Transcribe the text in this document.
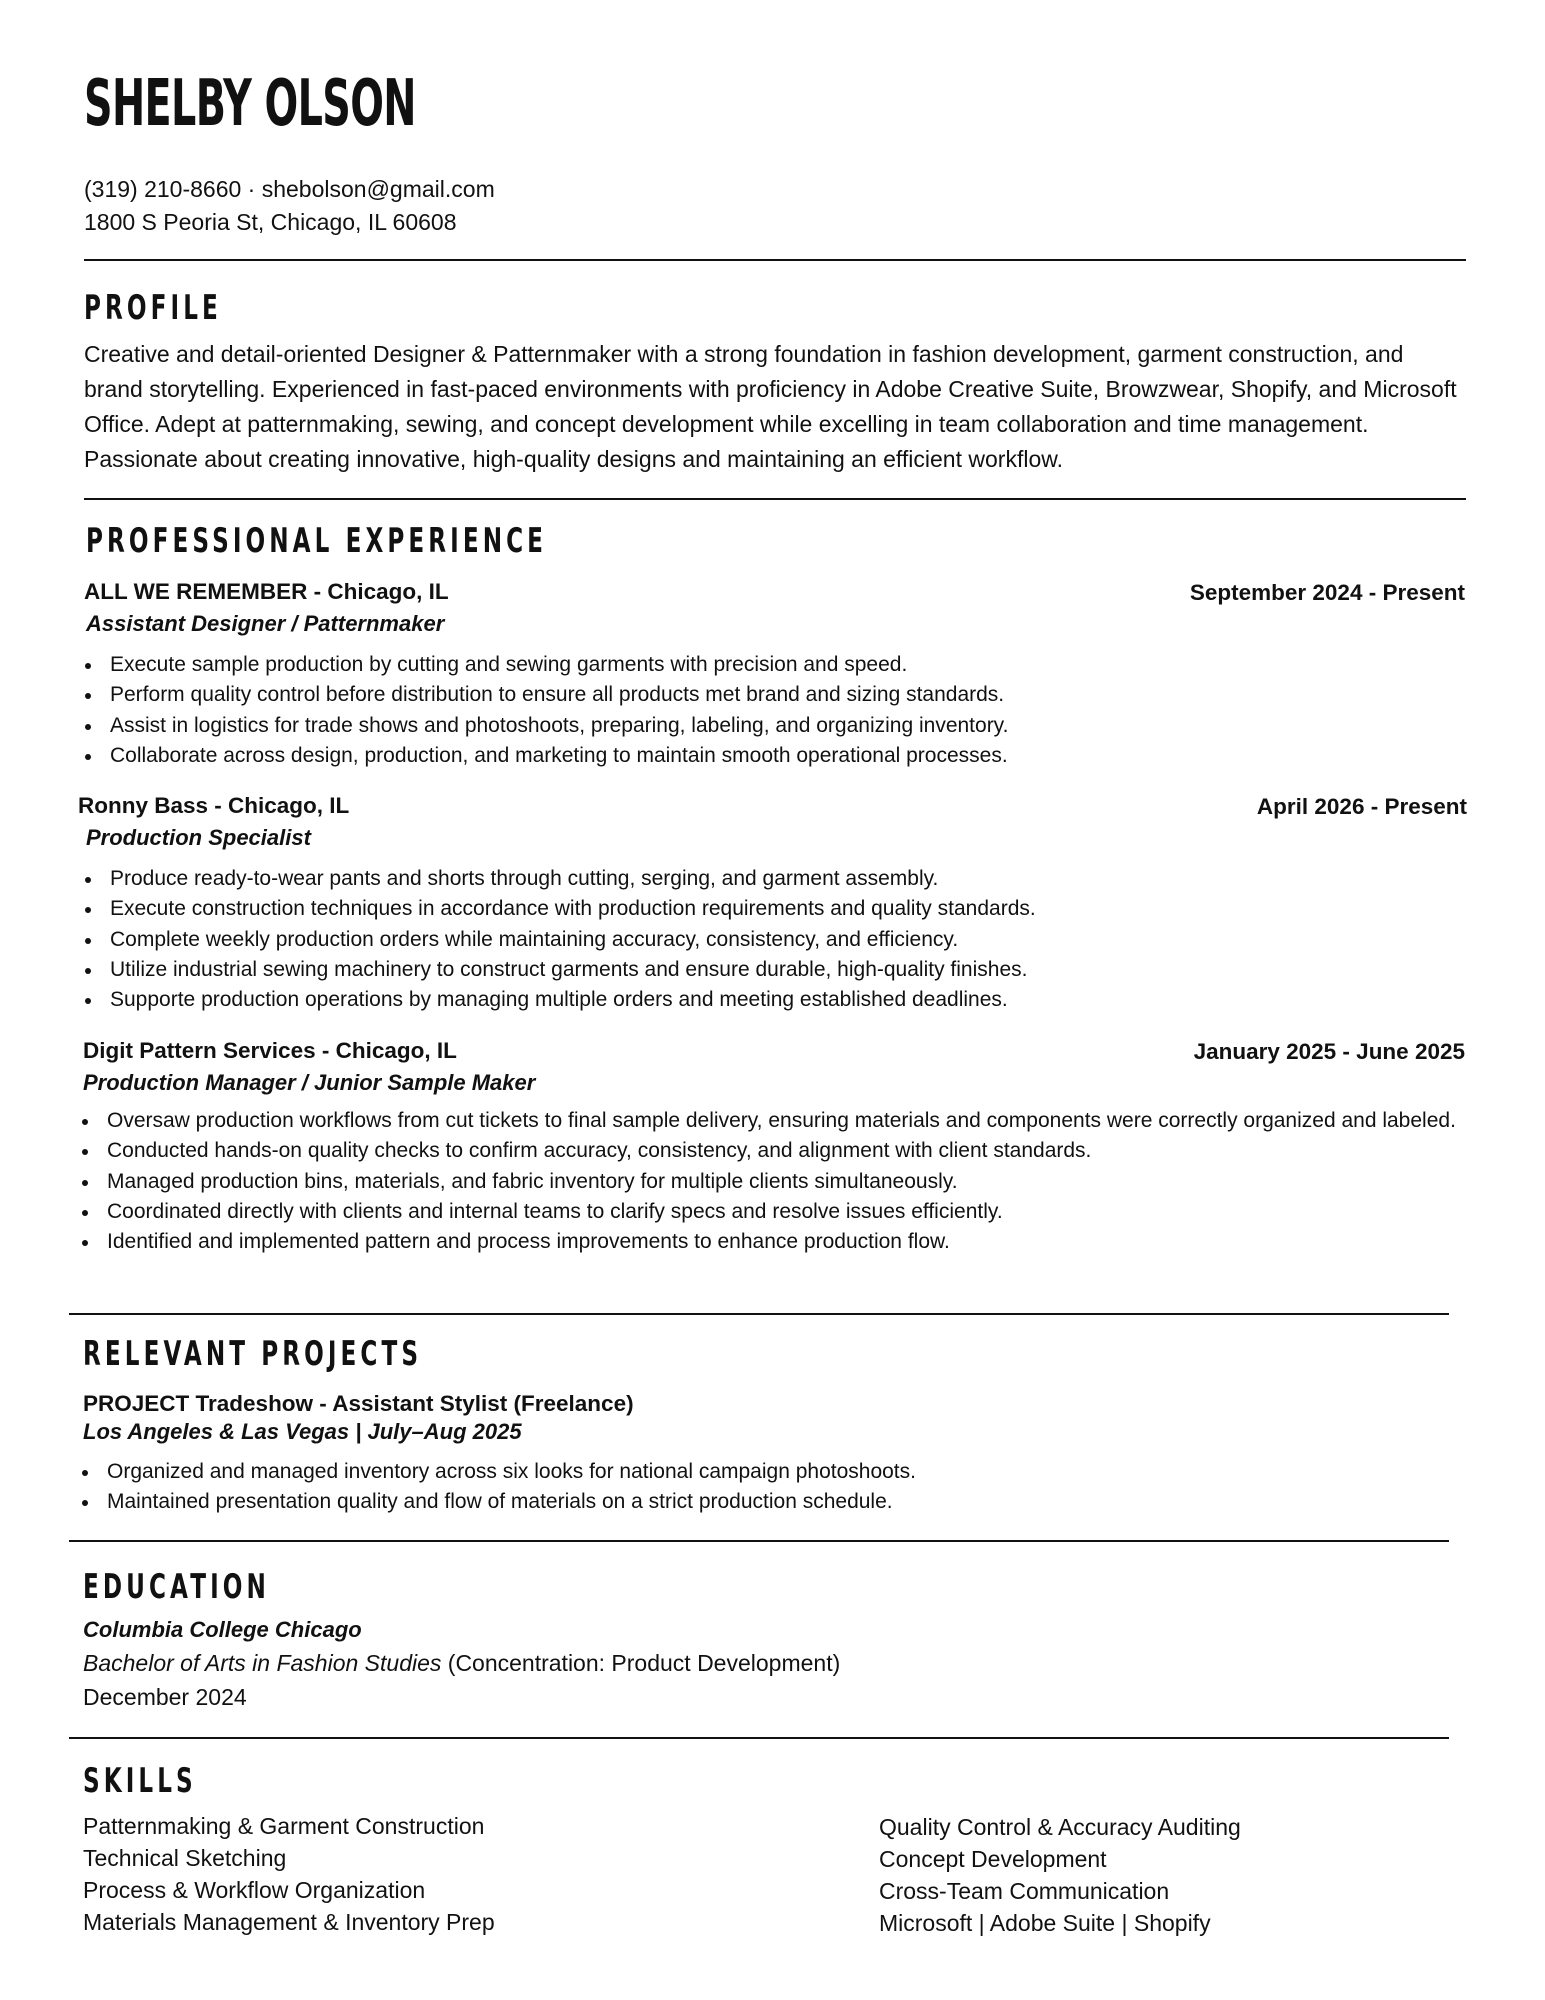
SHELBY OLSON
(319) 210-8660 · shebolson@gmail.com
1800 S Peoria St, Chicago, IL 60608
PROFILE
Creative and detail-oriented Designer & Patternmaker with a strong foundation in fashion development, garment construction, and brand storytelling. Experienced in fast-paced environments with proficiency in Adobe Creative Suite, Browzwear, Shopify, and Microsoft Office. Adept at patternmaking, sewing, and concept development while excelling in team collaboration and time management. Passionate about creating innovative, high-quality designs and maintaining an efficient workflow.
PROFESSIONAL EXPERIENCE
ALL WE REMEMBER - Chicago, IL	September 2024 - Present
Assistant Designer / Patternmaker
Execute sample production by cutting and sewing garments with precision and speed.
Perform quality control before distribution to ensure all products met brand and sizing standards.
Assist in logistics for trade shows and photoshoots, preparing, labeling, and organizing inventory.
Collaborate across design, production, and marketing to maintain smooth operational processes.
Ronny Bass - Chicago, IL	April 2026 - Present
Production Specialist
Produce ready-to-wear pants and shorts through cutting, serging, and garment assembly.
Execute construction techniques in accordance with production requirements and quality standards.
Complete weekly production orders while maintaining accuracy, consistency, and efficiency.
Utilize industrial sewing machinery to construct garments and ensure durable, high-quality finishes.
Supporte production operations by managing multiple orders and meeting established deadlines.
Digit Pattern Services - Chicago, IL	January 2025 - June 2025
Production Manager / Junior Sample Maker
Oversaw production workflows from cut tickets to final sample delivery, ensuring materials and components were correctly organized and labeled.
Conducted hands-on quality checks to confirm accuracy, consistency, and alignment with client standards.
Managed production bins, materials, and fabric inventory for multiple clients simultaneously.
Coordinated directly with clients and internal teams to clarify specs and resolve issues efficiently.
Identified and implemented pattern and process improvements to enhance production flow.
RELEVANT PROJECTS
PROJECT Tradeshow - Assistant Stylist (Freelance)
Los Angeles & Las Vegas | July–Aug 2025
Organized and managed inventory across six looks for national campaign photoshoots.
Maintained presentation quality and flow of materials on a strict production schedule.
EDUCATION
Columbia College Chicago
Bachelor of Arts in Fashion Studies (Concentration: Product Development)
December 2024
SKILLS
Patternmaking & Garment Construction
Technical Sketching
Process & Workflow Organization
Materials Management & Inventory Prep
Quality Control & Accuracy Auditing
Concept Development
Cross-Team Communication
Microsoft | Adobe Suite | Shopify
